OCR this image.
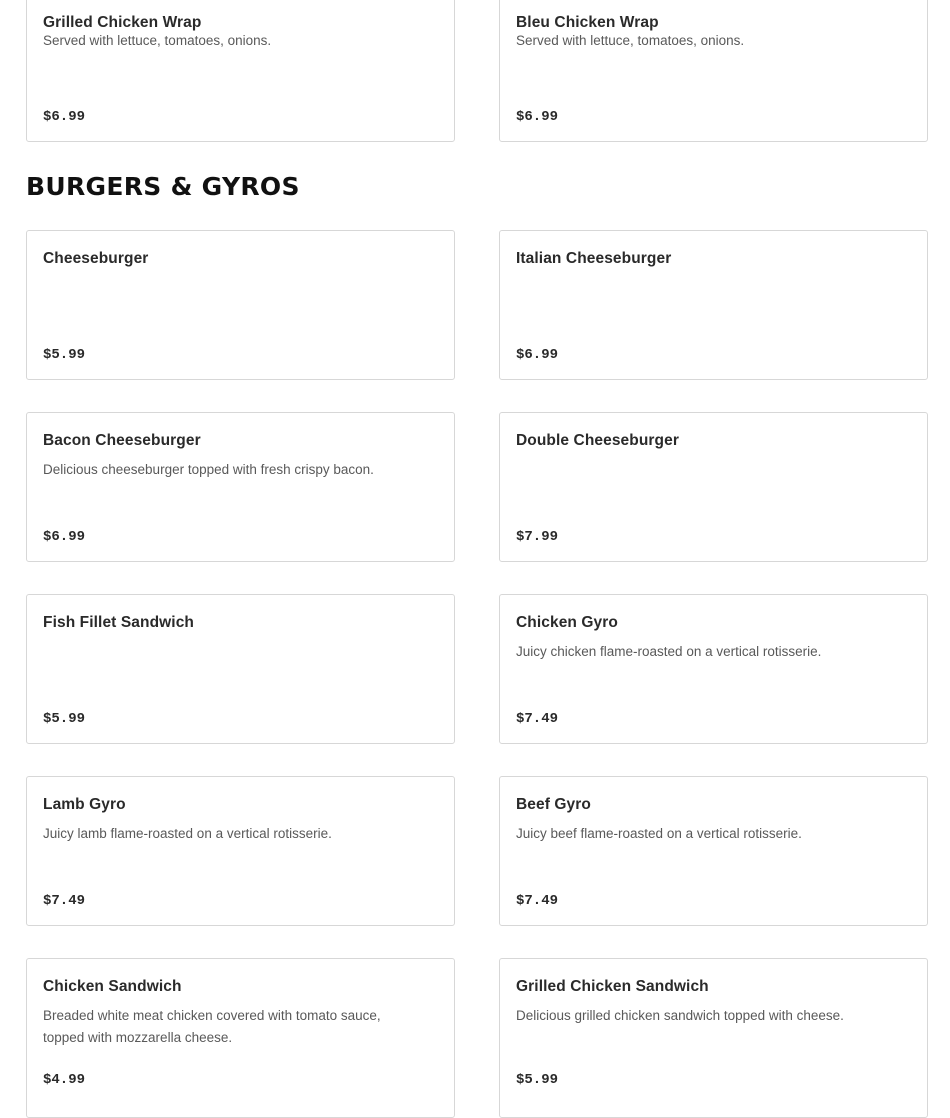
Grilled Chicken Wrap
Served with lettuce, tomatoes, onions.
$6.99
Bleu Chicken Wrap
Served with lettuce, tomatoes, onions.
$6.99
BURGERS & GYROS
Cheeseburger
$5.99
Italian Cheeseburger
$6.99
Bacon Cheeseburger
Delicious cheeseburger topped with fresh crispy bacon.
$6.99
Double Cheeseburger
$7.99
Fish Fillet Sandwich
$5.99
Chicken Gyro
Juicy chicken flame-roasted on a vertical rotisserie.
$7.49
Lamb Gyro
Juicy lamb flame-roasted on a vertical rotisserie.
$7.49
Beef Gyro
Juicy beef flame-roasted on a vertical rotisserie.
$7.49
Chicken Sandwich
Breaded white meat chicken covered with tomato sauce, topped with mozzarella cheese.
$4.99
Grilled Chicken Sandwich
Delicious grilled chicken sandwich topped with cheese.
$5.99
